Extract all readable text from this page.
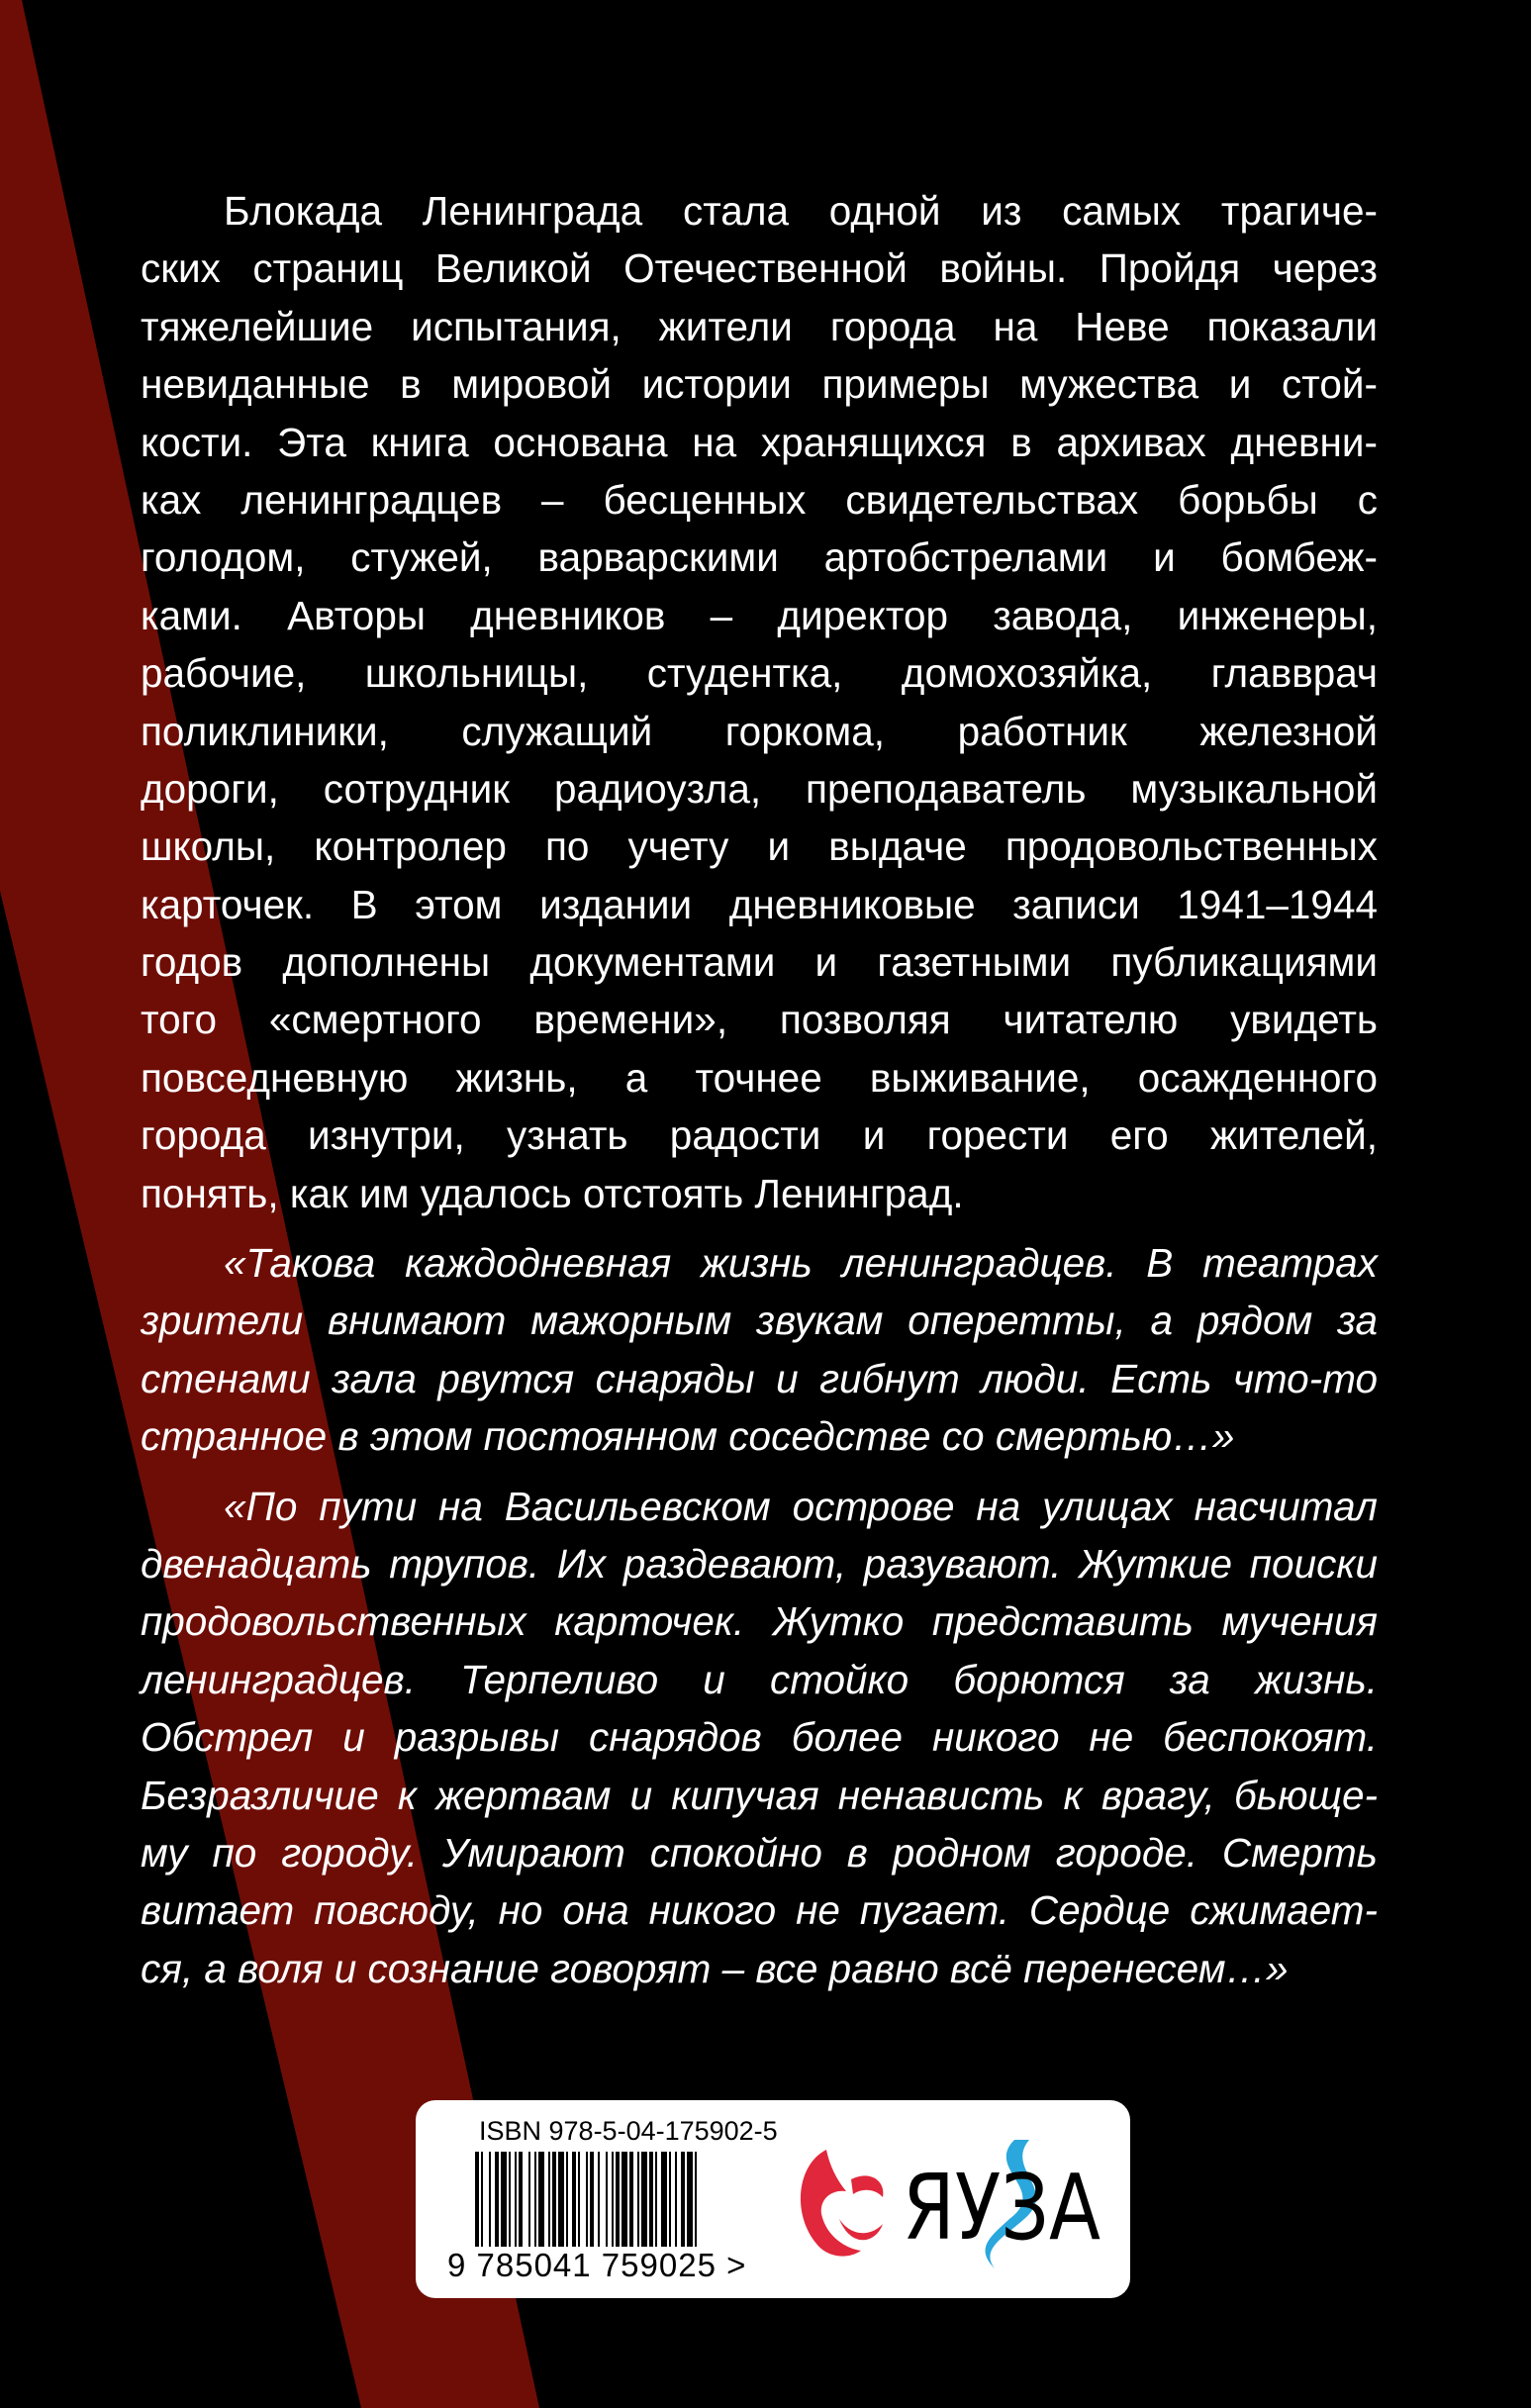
Блокада Ленинграда стала одной из самых трагиче-
ских страниц Великой Отечественной войны. Пройдя через
тяжелейшие испытания, жители города на Неве показали
невиданные в мировой истории примеры мужества и стой-
кости. Эта книга основана на хранящихся в архивах дневни-
ках ленинградцев – бесценных свидетельствах борьбы с
голодом, стужей, варварскими артобстрелами и бомбеж-
ками. Авторы дневников – директор завода, инженеры,
рабочие, школьницы, студентка, домохозяйка, главврач
поликлиники, служащий горкома, работник железной
дороги, сотрудник радиоузла, преподаватель музыкальной
школы, контролер по учету и выдаче продовольственных
карточек. В этом издании дневниковые записи 1941–1944
годов дополнены документами и газетными публикациями
того «смертного времени», позволяя читателю увидеть
повседневную жизнь, а точнее выживание, осажденного
города изнутри, узнать радости и горести его жителей,
понять, как им удалось отстоять Ленинград.

«Такова каждодневная жизнь ленинградцев. В театрах
зрители внимают мажорным звукам оперетты, а рядом за
стенами зала рвутся снаряды и гибнут люди. Есть что-то
странное в этом постоянном соседстве со смертью…»

«По пути на Васильевском острове на улицах насчитал
двенадцать трупов. Их раздевают, разувают. Жуткие поиски
продовольственных карточек. Жутко представить мучения
ленинградцев. Терпеливо и стойко борются за жизнь.
Обстрел и разрывы снарядов более никого не беспокоят.
Безразличие к жертвам и кипучая ненависть к врагу, бьюще-
му по городу. Умирают спокойно в родном городе. Смерть
витает повсюду, но она никого не пугает. Сердце сжимает-
ся, а воля и сознание говорят – все равно всё перенесем…»

ISBN 978-5-04-175902-5
9 785041 759025 >
ЯУЗА
